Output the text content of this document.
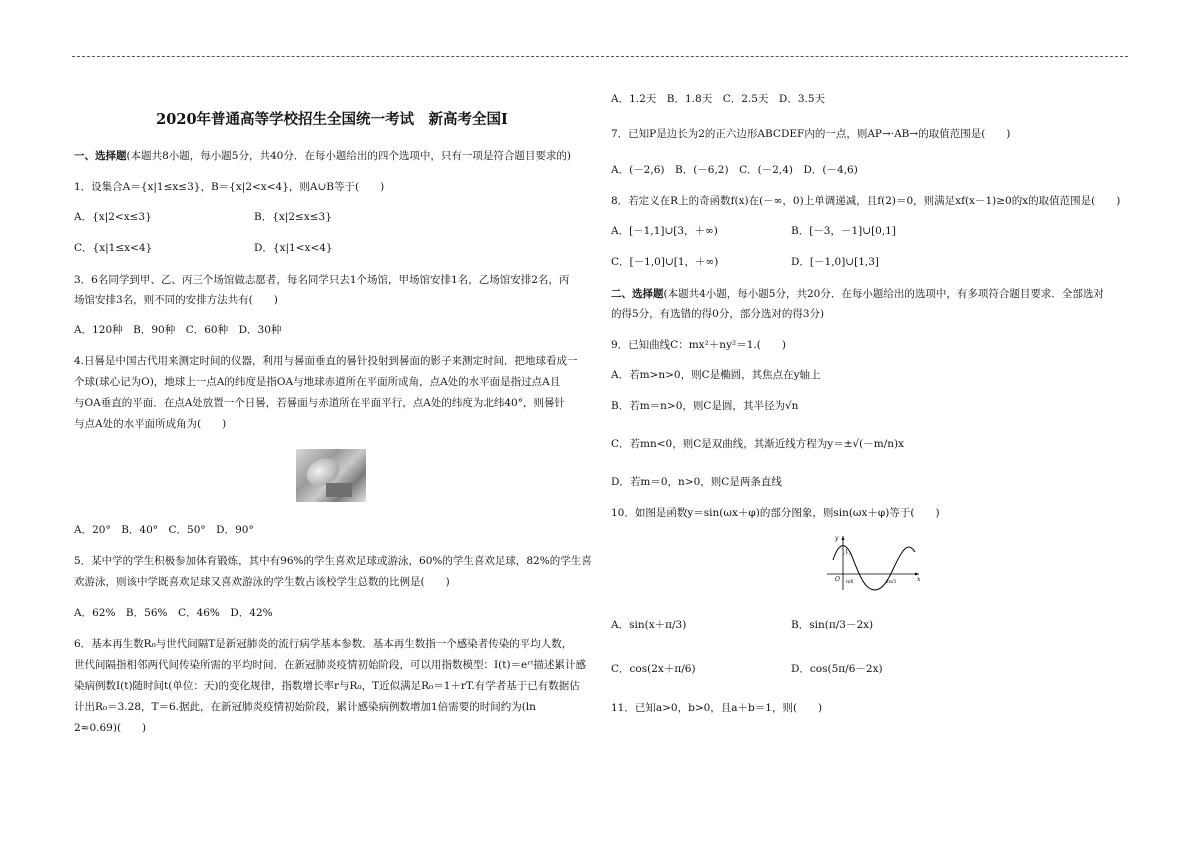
2020年普通高等学校招生全国统一考试　新高考全国Ⅰ
一、选择题(本题共8小题，每小题5分，共40分．在每小题给出的四个选项中，只有一项是符合题目要求的)
1．设集合A＝{x|1≤x≤3}，B＝{x|2<x<4}，则A∪B等于(　　)
A．{x|2<x≤3}	B．{x|2≤x≤3}
C．{x|1≤x<4}	D．{x|1<x<4}
3．6名同学到甲、乙、丙三个场馆做志愿者，每名同学只去1个场馆，甲场馆安排1名，乙场馆安排2名，丙
场馆安排3名，则不同的安排方法共有(　　)
A．120种　B．90种　C．60种　D．30种
4.日晷是中国古代用来测定时间的仪器，利用与晷面垂直的晷针投射到晷面的影子来测定时间．把地球看成一
个球(球心记为O)，地球上一点A的纬度是指OA与地球赤道所在平面所成角，点A处的水平面是指过点A且
与OA垂直的平面．在点A处放置一个日晷，若晷面与赤道所在平面平行，点A处的纬度为北纬40°，则晷针
与点A处的水平面所成角为(　　)
A．20°　B．40°　C．50°　D．90°
5．某中学的学生积极参加体育锻炼，其中有96%的学生喜欢足球或游泳，60%的学生喜欢足球，82%的学生喜
欢游泳，则该中学既喜欢足球又喜欢游泳的学生数占该校学生总数的比例是(　　)
A．62%　B．56%　C．46%　D．42%
6．基本再生数R₀与世代间隔T是新冠肺炎的流行病学基本参数．基本再生数指一个感染者传染的平均人数，
世代间隔指相邻两代间传染所需的平均时间．在新冠肺炎疫情初始阶段，可以用指数模型：I(t)＝eʳᵗ描述累计感
染病例数I(t)随时间t(单位：天)的变化规律，指数增长率r与R₀，T近似满足R₀＝1＋rT.有学者基于已有数据估
计出R₀＝3.28，T＝6.据此，在新冠肺炎疫情初始阶段，累计感染病例数增加1倍需要的时间约为(ln
2≈0.69)(　　)
A．1.2天　B．1.8天　C．2.5天　D．3.5天
7．已知P是边长为2的正六边形ABCDEF内的一点，则AP→·AB→的取值范围是(　　)
A．(－2,6)　B．(－6,2)　C．(－2,4)　D．(－4,6)
8．若定义在R上的奇函数f(x)在(－∞，0)上单调递减，且f(2)＝0，则满足xf(x－1)≥0的x的取值范围是(　　)
A．[－1,1]∪[3，＋∞)	B．[－3，－1]∪[0,1]
C．[－1,0]∪[1，＋∞)	D．[－1,0]∪[1,3]
二、选择题(本题共4小题，每小题5分，共20分．在每小题给出的选项中，有多项符合题目要求．全部选对
的得5分，有选错的得0分，部分选对的得3分)
9．已知曲线C：mx²＋ny²＝1.(　　)
A．若m>n>0，则C是椭圆，其焦点在y轴上
B．若m＝n>0，则C是圆，其半径为√n
C．若mn<0，则C是双曲线，其渐近线方程为y＝±√(－m/n)x
D．若m＝0，n>0，则C是两条直线
10．如图是函数y＝sin(ωx＋φ)的部分图象，则sin(ωx＋φ)等于(　　)
y
x
O
1
π/6	2π/3
A．sin(x＋π/3)	B．sin(π/3－2x)
C．cos(2x＋π/6)	D．cos(5π/6－2x)
11．已知a>0，b>0，且a＋b＝1，则(　　)
